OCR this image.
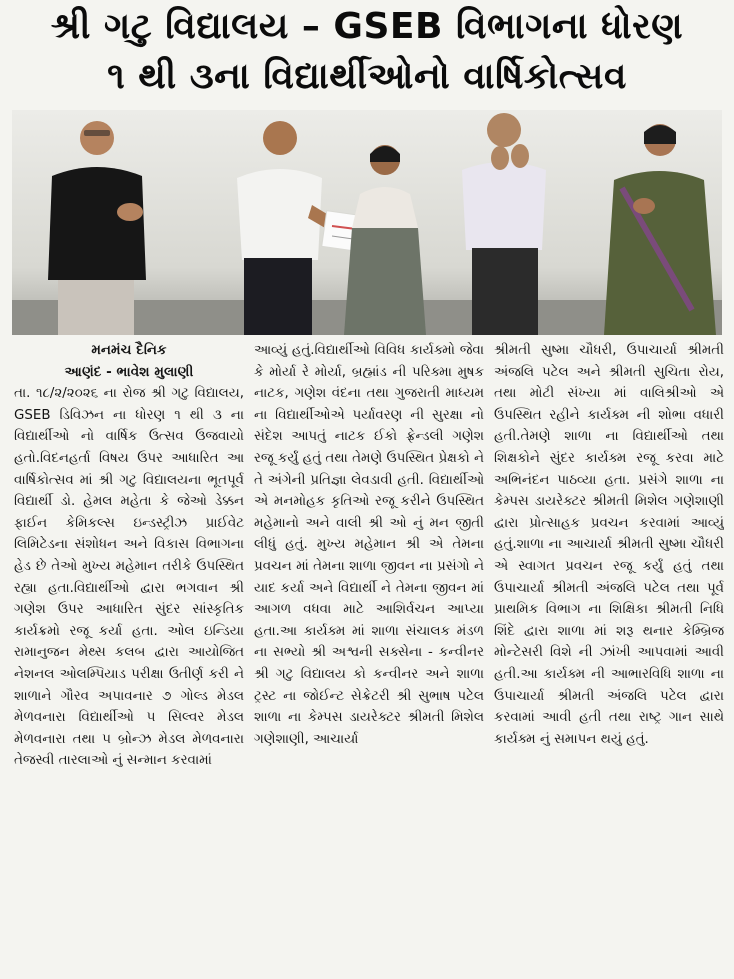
શ્રી ગટુ વિદ્યાલય – GSEB વિભાગના ધોરણ
૧ થી ૩ના વિદ્યાર્થીઓનો વાર્ષિકોત્સવ

મનમંચ દૈનિક

આણંદ - ભાવેશ મુલાણી

તા. ૧૮/૨/૨૦૨૬ ના રોજ શ્રી ગટુ વિદ્યાલય, GSEB ડિવિઝન ના ધોરણ ૧ થી ૩ ના વિદ્યાર્થીઓ નો વાર્ષિક ઉત્સવ ઉજવાયો હતો.વિદનહર્તા વિષય ઉપર આધારિત આ વાર્ષિકોત્સવ માં શ્રી ગટુ વિદ્યાલયના ભૂતપૂર્વ વિદ્યાર્થી ડો. હેમલ મહેતા કે જેઓ ડેક્કન ફાઈન કેમિકલ્સ ઇન્ડસ્ટ્રીઝ પ્રાઈવેટ લિમિટેડના સંશોધન અને વિકાસ વિભાગના હેડ છે તેઓ મુખ્ય મહેમાન તરીકે ઉપસ્થિત રહ્યા હતા.વિદ્યાર્થીઓ દ્વારા ભગવાન શ્રી ગણેશ ઉપર આધારિત સુંદર સાંસ્કૃતિક કાર્યક્રમો રજૂ કર્યા હતા. ઓલ ઇન્ડિયા રામાનુજન મેથ્સ કલબ દ્વારા આયોજિત નેશનલ ઓલમ્પિયાડ પરીક્ષા ઉતીર્ણ કરી ને શાળાને ગૌરવ અપાવનાર ૭ ગોલ્ડ મેડલ મેળવનારા વિદ્યાર્થીઓ ૫ સિલ્વર મેડલ મેળવનારા તથા ૫ બ્રોન્ઝ મેડલ મેળવનારા તેજસ્વી તારલાઓ નું સન્માન કરવામાં

આવ્યું હતું.વિદ્યાર્થીઓ વિવિધ કાર્યક્મો જેવા કે મોર્યા રે મોર્યા, બ્રહ્માંડ ની પરિક્મા મુષક નાટક, ગણેશ વંદના તથા ગુજરાતી માધ્યમ ના વિદ્યાર્થીઓએ પર્યાવરણ ની સુરક્ષા નો સંદેશ આપતું નાટક ઈકો ફ્રેન્ડલી ગણેશ રજૂ કર્યું હતું તથા તેમણે ઉપસ્થિત પ્રેક્ષકો ને તે અંગેની પ્રતિજ્ઞા લેવડાવી હતી. વિદ્યાર્થીઓ એ મનમોહક કૃતિઓ રજૂ કરીને ઉપસ્થિત મહેમાનો અને વાલી શ્રી ઓ નું મન જીતી લીધું હતું. મુખ્ય મહેમાન શ્રી એ તેમના પ્રવચન માં તેમના શાળા જીવન ના પ્રસંગો ને યાદ કર્યા અને વિદ્યાર્થી ને તેમના જીવન માં આગળ વધવા માટે આશિર્વચન આપ્યા હતા.આ કાર્યક્મ માં શાળા સંચાલક મંડળ ના સભ્યો શ્રી અશ્વની સક્સેના - કન્વીનર શ્રી ગટુ વિદ્યાલય કો કન્વીનર અને શાળા ટ્રસ્ટ ના જોઈન્ટ સેક્રેટરી શ્રી સુભાષ પટેલ શાળા ના કેમ્પસ ડાયરેક્ટર શ્રીમતી મિશેલ ગણેશાણી, આચાર્યા

શ્રીમતી સુષ્મા ચૌધરી, ઉપાચાર્યા શ્રીમતી અંજલિ પટેલ અને શ્રીમતી સુચિતા રોય, તથા મોટી સંખ્યા માં વાલિશ્રીઓ એ ઉપસ્થિત રહીને કાર્યક્મ ની શોભા વધારી હતી.તેમણે શાળા ના વિદ્યાર્થીઓ તથા શિક્ષકોને સુંદર કાર્યક્મ રજૂ કરવા માટે અભિનંદન પાઠવ્યા હતા. પ્રસંગે શાળા ના કેમ્પસ ડાયરેક્ટર શ્રીમતી મિશેલ ગણેશાણી દ્વારા પ્રોત્સાહક પ્રવચન કરવામાં આવ્યું હતું.શાળા ના આચાર્યા શ્રીમતી સુષ્મા ચૌધરી એ સ્વાગત પ્રવચન રજૂ કર્યું હતું તથા ઉપાચાર્યા શ્રીમતી અંજલિ પટેલ તથા પૂર્વ પ્રાથમિક વિભાગ ના શિક્ષિકા શ્રીમતી નિધિ શિંદે દ્વારા શાળા માં શરૂ થનાર કેમ્બ્રિજ મોન્ટેસરી વિશે ની ઝાંખી આપવામાં આવી હતી.આ કાર્યક્મ ની આભારવિધિ શાળા ના ઉપાચાર્યા શ્રીમતી અંજલિ પટેલ દ્વારા કરવામાં આવી હતી તથા રાષ્ટ્ર ગાન સાથે કાર્યક્મ નું સમાપન થયું હતું.
